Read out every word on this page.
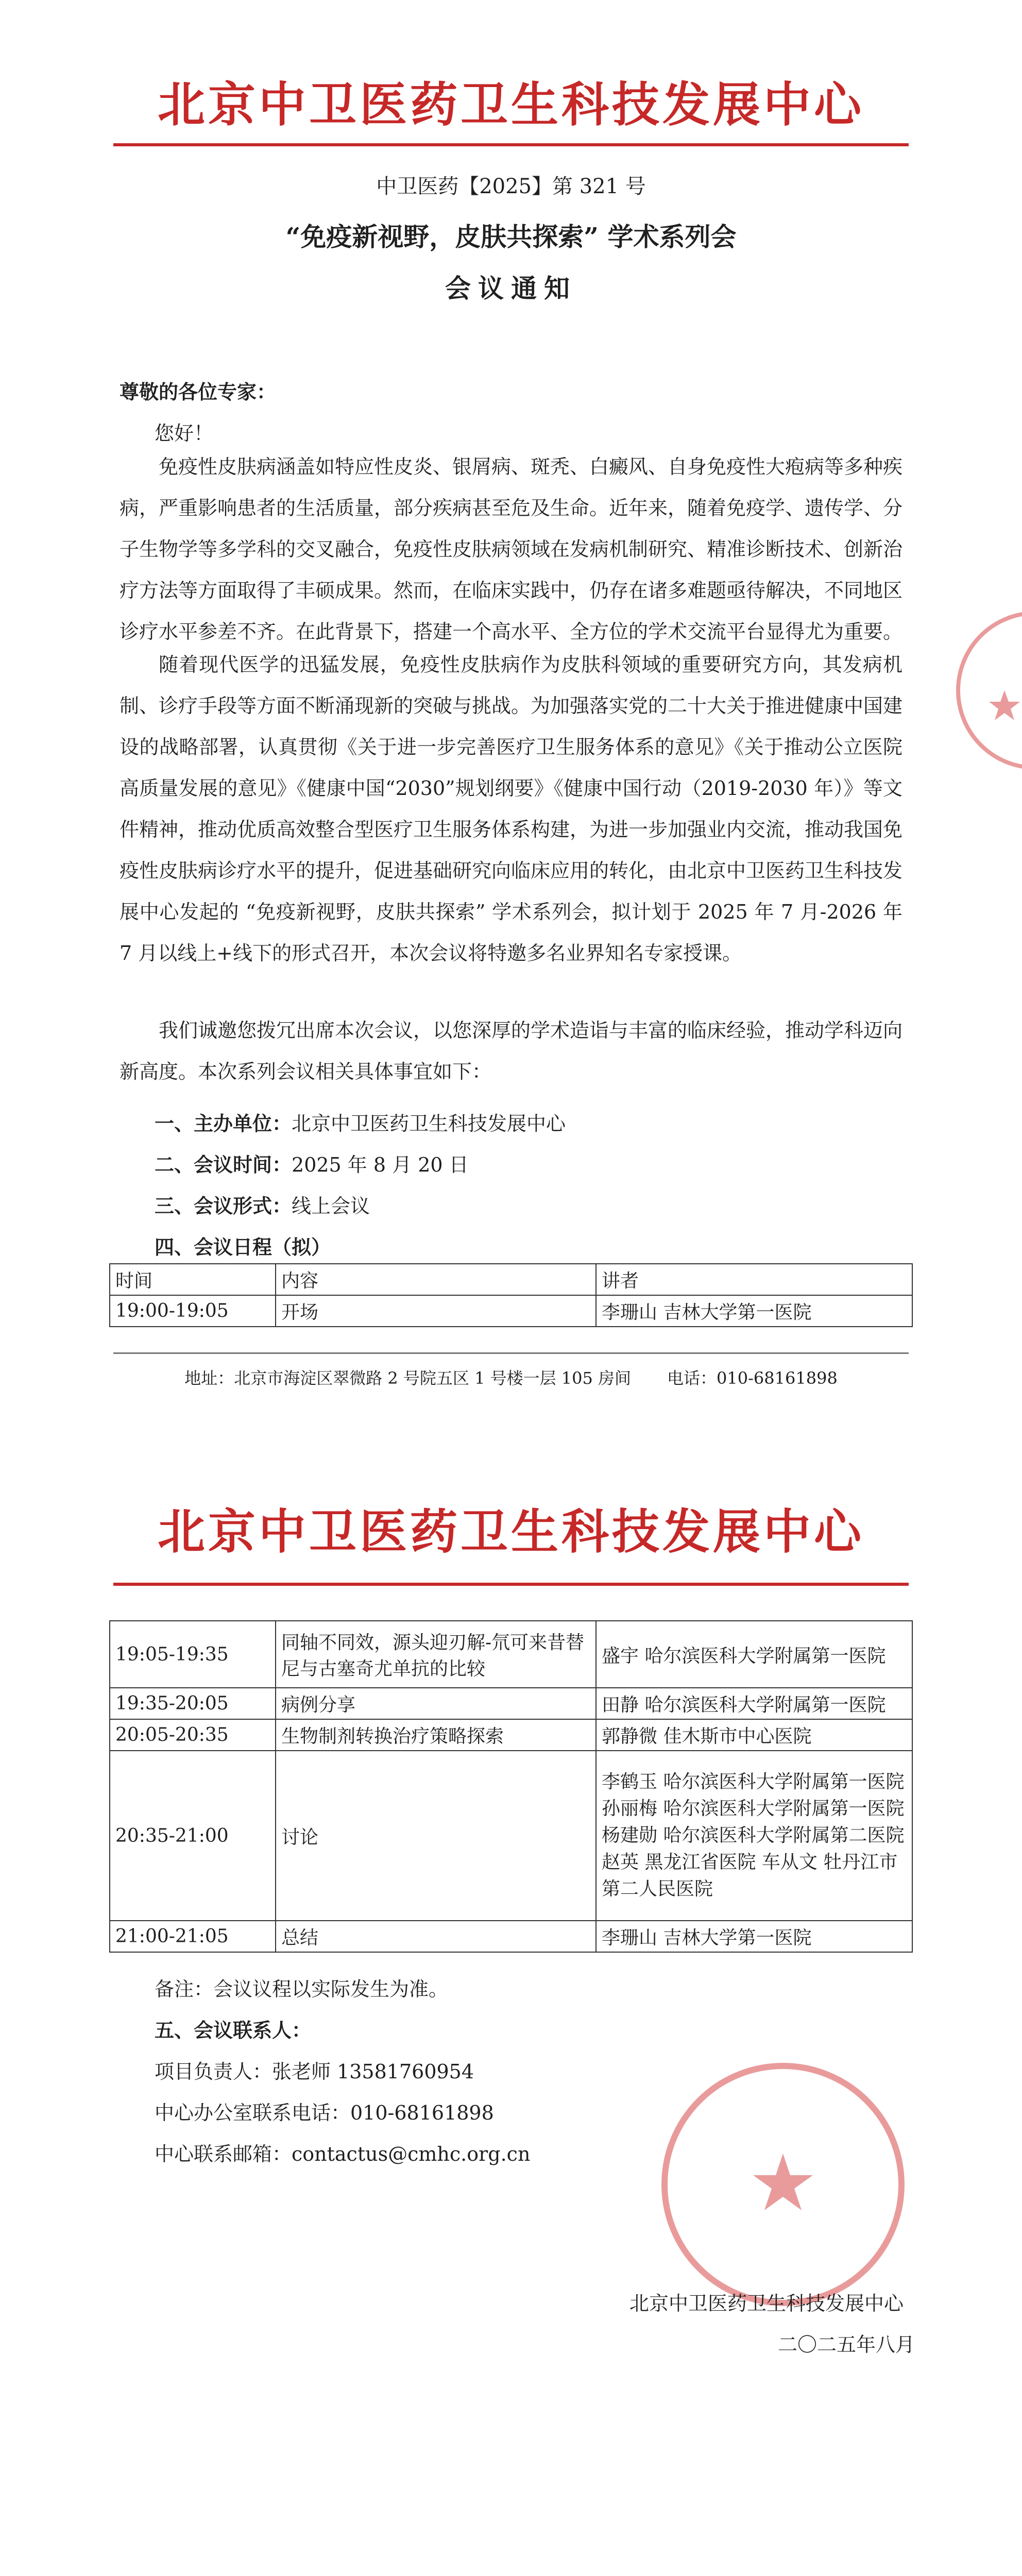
北京中卫医药卫生科技发展中心
中卫医药【2025】第 321 号
“免疫新视野，皮肤共探索” 学术系列会
会议通知
尊敬的各位专家：
您好！

免疫性皮肤病涵盖如特应性皮炎、银屑病、斑秃、白癜风、自身免疫性大疱病等多种疾病，严重影响患者的生活质量，部分疾病甚至危及生命。近年来，随着免疫学、遗传学、分子生物学等多学科的交叉融合，免疫性皮肤病领域在发病机制研究、精准诊断技术、创新治疗方法等方面取得了丰硕成果。然而，在临床实践中，仍存在诸多难题亟待解决，不同地区诊疗水平参差不齐。在此背景下，搭建一个高水平、全方位的学术交流平台显得尤为重要。

随着现代医学的迅猛发展，免疫性皮肤病作为皮肤科领域的重要研究方向，其发病机制、诊疗手段等方面不断涌现新的突破与挑战。为加强落实党的二十大关于推进健康中国建设的战略部署，认真贯彻《关于进一步完善医疗卫生服务体系的意见》《关于推动公立医院高质量发展的意见》《健康中国“2030”规划纲要》《健康中国行动（2019-2030 年）》等文件精神，推动优质高效整合型医疗卫生服务体系构建，为进一步加强业内交流，推动我国免疫性皮肤病诊疗水平的提升，促进基础研究向临床应用的转化，由北京中卫医药卫生科技发展中心发起的 “免疫新视野，皮肤共探索” 学术系列会，拟计划于 2025 年 7 月-2026 年 7 月以线上+线下的形式召开，本次会议将特邀多名业界知名专家授课。

我们诚邀您拨冗出席本次会议，以您深厚的学术造诣与丰富的临床经验，推动学科迈向新高度。本次系列会议相关具体事宜如下：

一、主办单位：北京中卫医药卫生科技发展中心
二、会议时间：2025 年 8 月 20 日
三、会议形式：线上会议
四、会议日程（拟）
时间	内容	讲者
19:00-19:05	开场	李珊山 吉林大学第一医院
地址：北京市海淀区翠微路 2 号院五区 1 号楼一层 105 房间 电话：010-68161898
北京中卫医药卫生科技发展中心
19:05-19:35	同轴不同效，源头迎刃解-氘可来昔替尼与古塞奇尤单抗的比较	盛宇 哈尔滨医科大学附属第一医院
19:35-20:05	病例分享	田静 哈尔滨医科大学附属第一医院
20:05-20:35	生物制剂转换治疗策略探索	郭静微 佳木斯市中心医院
20:35-21:00	讨论	李鹤玉 哈尔滨医科大学附属第一医院 孙丽梅 哈尔滨医科大学附属第一医院 杨建勋 哈尔滨医科大学附属第二医院 赵英 黑龙江省医院 车从文 牡丹江市第二人民医院
21:00-21:05	总结	李珊山 吉林大学第一医院
备注：会议议程以实际发生为准。
五、会议联系人：
项目负责人：张老师 13581760954
中心办公室联系电话：010-68161898
中心联系邮箱：contactus@cmhc.org.cn
北京中卫医药卫生科技发展中心
二〇二五年八月
